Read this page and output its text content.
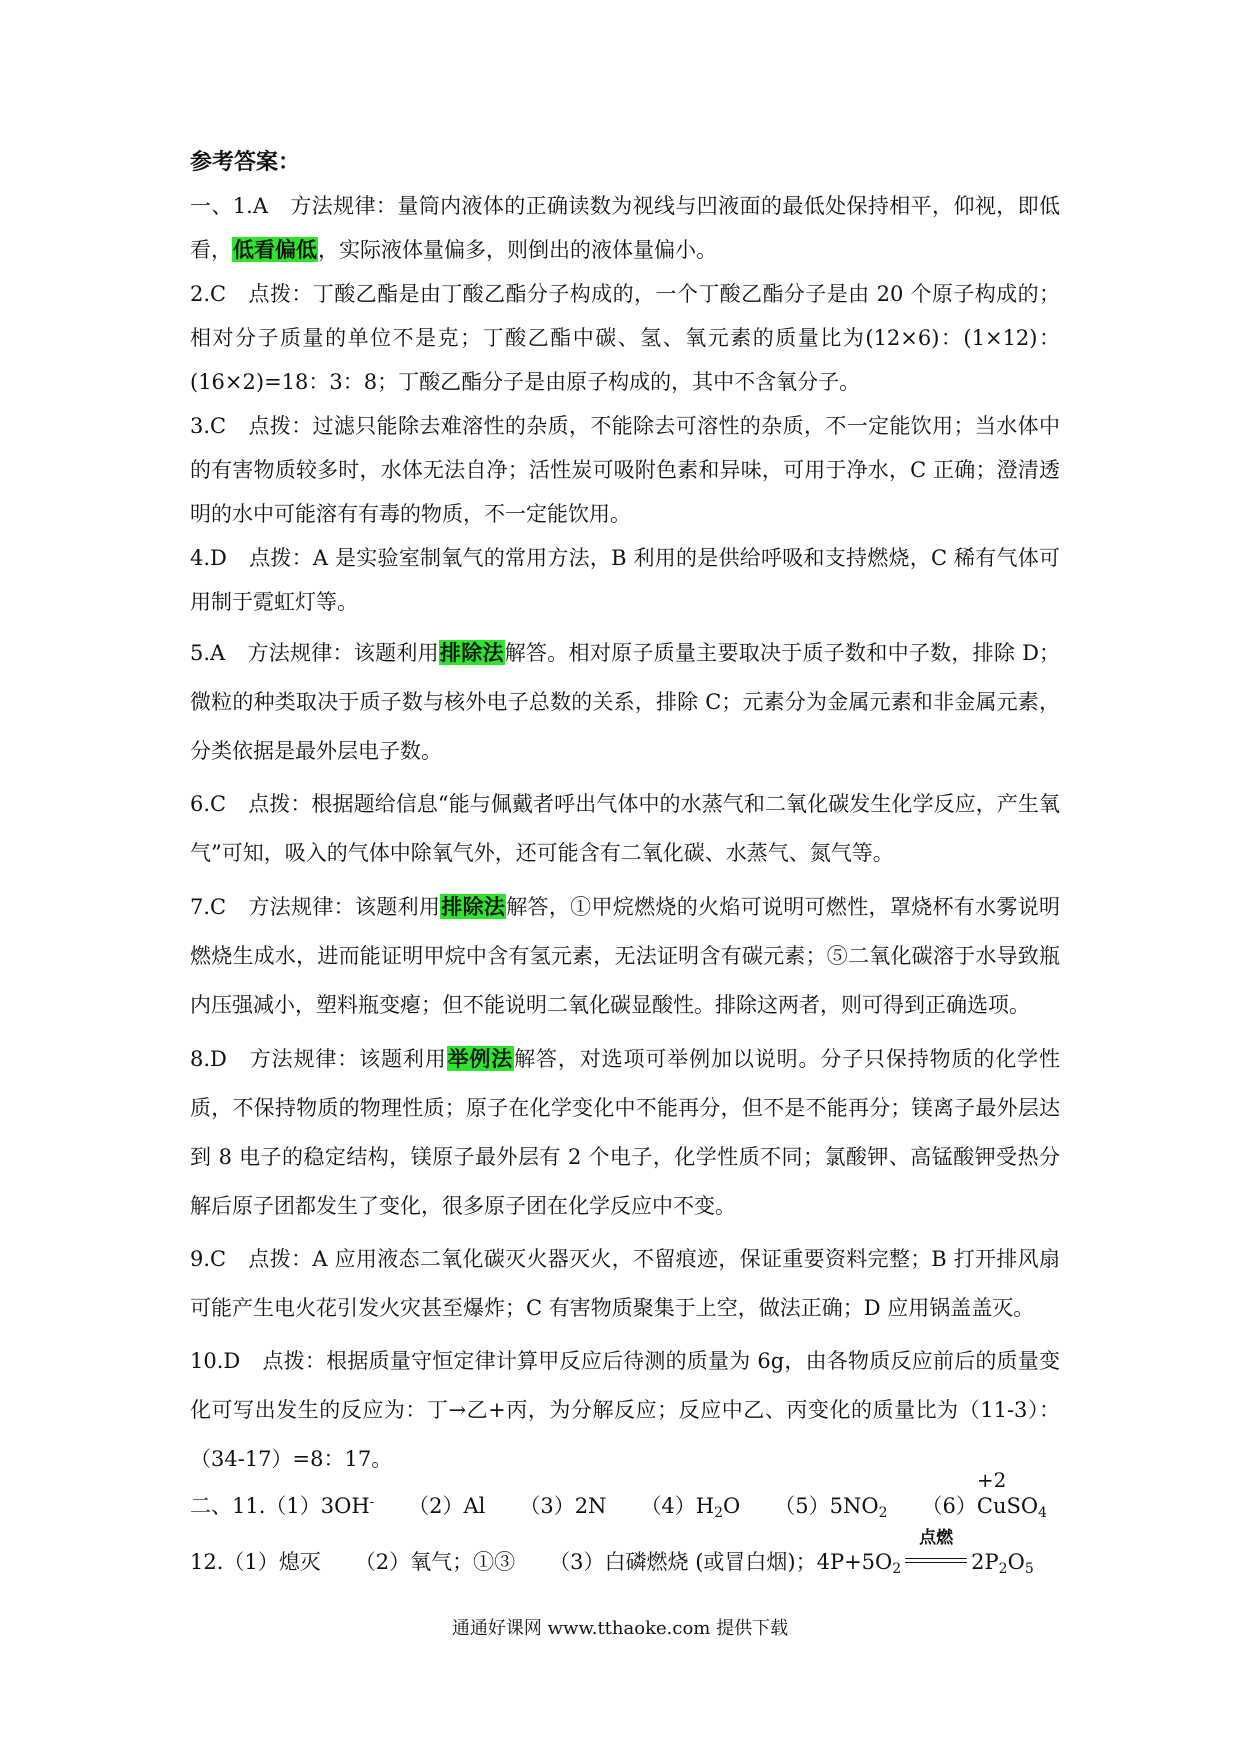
参考答案：

一、1.A 方法规律：量筒内液体的正确读数为视线与凹液面的最低处保持相平，仰视，即低看，低看偏低，实际液体量偏多，则倒出的液体量偏小。

2.C 点拨：丁酸乙酯是由丁酸乙酯分子构成的，一个丁酸乙酯分子是由 20 个原子构成的；相对分子质量的单位不是克；丁酸乙酯中碳、氢、氧元素的质量比为(12×6)：(1×12)：(16×2)=18：3：8；丁酸乙酯分子是由原子构成的，其中不含氧分子。

3.C 点拨：过滤只能除去难溶性的杂质，不能除去可溶性的杂质，不一定能饮用；当水体中的有害物质较多时，水体无法自净；活性炭可吸附色素和异味，可用于净水，C 正确；澄清透明的水中可能溶有有毒的物质，不一定能饮用。

4.D 点拨：A 是实验室制氧气的常用方法，B 利用的是供给呼吸和支持燃烧，C 稀有气体可用制于霓虹灯等。

5.A 方法规律：该题利用排除法解答。相对原子质量主要取决于质子数和中子数，排除 D；微粒的种类取决于质子数与核外电子总数的关系，排除 C；元素分为金属元素和非金属元素，分类依据是最外层电子数。

6.C 点拨：根据题给信息“能与佩戴者呼出气体中的水蒸气和二氧化碳发生化学反应，产生氧气”可知，吸入的气体中除氧气外，还可能含有二氧化碳、水蒸气、氮气等。

7.C 方法规律：该题利用排除法解答，①甲烷燃烧的火焰可说明可燃性，罩烧杯有水雾说明燃烧生成水，进而能证明甲烷中含有氢元素，无法证明含有碳元素；⑤二氧化碳溶于水导致瓶内压强减小，塑料瓶变瘪；但不能说明二氧化碳显酸性。排除这两者，则可得到正确选项。

8.D 方法规律：该题利用举例法解答，对选项可举例加以说明。分子只保持物质的化学性质，不保持物质的物理性质；原子在化学变化中不能再分，但不是不能再分；镁离子最外层达到 8 电子的稳定结构，镁原子最外层有 2 个电子，化学性质不同；氯酸钾、高锰酸钾受热分解后原子团都发生了变化，很多原子团在化学反应中不变。

9.C 点拨：A 应用液态二氧化碳灭火器灭火，不留痕迹，保证重要资料完整；B 打开排风扇可能产生电火花引发火灾甚至爆炸；C 有害物质聚集于上空，做法正确；D 应用锅盖盖灭。

10.D 点拨：根据质量守恒定律计算甲反应后待测的质量为 6g，由各物质反应前后的质量变化可写出发生的反应为：丁→乙+丙，为分解反应；反应中乙、丙变化的质量比为（11-3）：（34-17）=8：17。

二、11.（1）3OH- （2）Al （3）2N $(4)H_2O$ $(5)5NO_2$ （6）
+2
CuSO$_4$

12.（1）熄灭 （2）氧气；①③ （3）白磷燃烧 (或冒白烟)；$4P+5O_2$
点燃
$2P_2O_5$

通通好课网 www.tthaoke.com 提供下载
